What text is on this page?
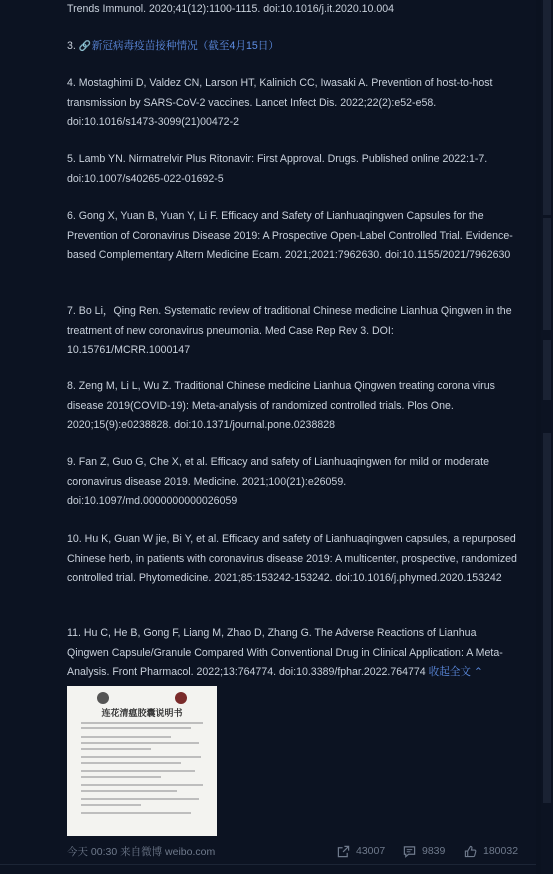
Trends Immunol. 2020;41(12):1100-1115. doi:10.1016/j.it.2020.10.004
3. 🔗 新冠病毒疫苗接种情况（截至4月15日）
4. Mostaghimi D, Valdez CN, Larson HT, Kalinich CC, Iwasaki A. Prevention of host-to-host transmission by SARS-CoV-2 vaccines. Lancet Infect Dis. 2022;22(2):e52-e58. doi:10.1016/s1473-3099(21)00472-2
5. Lamb YN. Nirmatrelvir Plus Ritonavir: First Approval. Drugs. Published online 2022:1-7. doi:10.1007/s40265-022-01692-5
6. Gong X, Yuan B, Yuan Y, Li F. Efficacy and Safety of Lianhuaqingwen Capsules for the Prevention of Coronavirus Disease 2019: A Prospective Open-Label Controlled Trial. Evidence-based Complementary Altern Medicine Ecam. 2021;2021:7962630. doi:10.1155/2021/7962630
7. Bo Li，Qing Ren. Systematic review of traditional Chinese medicine Lianhua Qingwen in the treatment of new coronavirus pneumonia. Med Case Rep Rev 3. DOI: 10.15761/MCRR.1000147
8. Zeng M, Li L, Wu Z. Traditional Chinese medicine Lianhua Qingwen treating corona virus disease 2019(COVID-19): Meta-analysis of randomized controlled trials. Plos One. 2020;15(9):e0238828. doi:10.1371/journal.pone.0238828
9. Fan Z, Guo G, Che X, et al. Efficacy and safety of Lianhuaqingwen for mild or moderate coronavirus disease 2019. Medicine. 2021;100(21):e26059. doi:10.1097/md.0000000000026059
10. Hu K, Guan W jie, Bi Y, et al. Efficacy and safety of Lianhuaqingwen capsules, a repurposed Chinese herb, in patients with coronavirus disease 2019: A multicenter, prospective, randomized controlled trial. Phytomedicine. 2021;85:153242-153242. doi:10.1016/j.phymed.2020.153242
11. Hu C, He B, Gong F, Liang M, Zhao D, Zhang G. The Adverse Reactions of Lianhua Qingwen Capsule/Granule Compared With Conventional Drug in Clinical Application: A Meta-Analysis. Front Pharmacol. 2022;13:764774. doi:10.3389/fphar.2022.764774 收起全文 ⌃
连花清瘟胶囊说明书
今天 00:30 来自微博 weibo.com	43007	9839	180032
